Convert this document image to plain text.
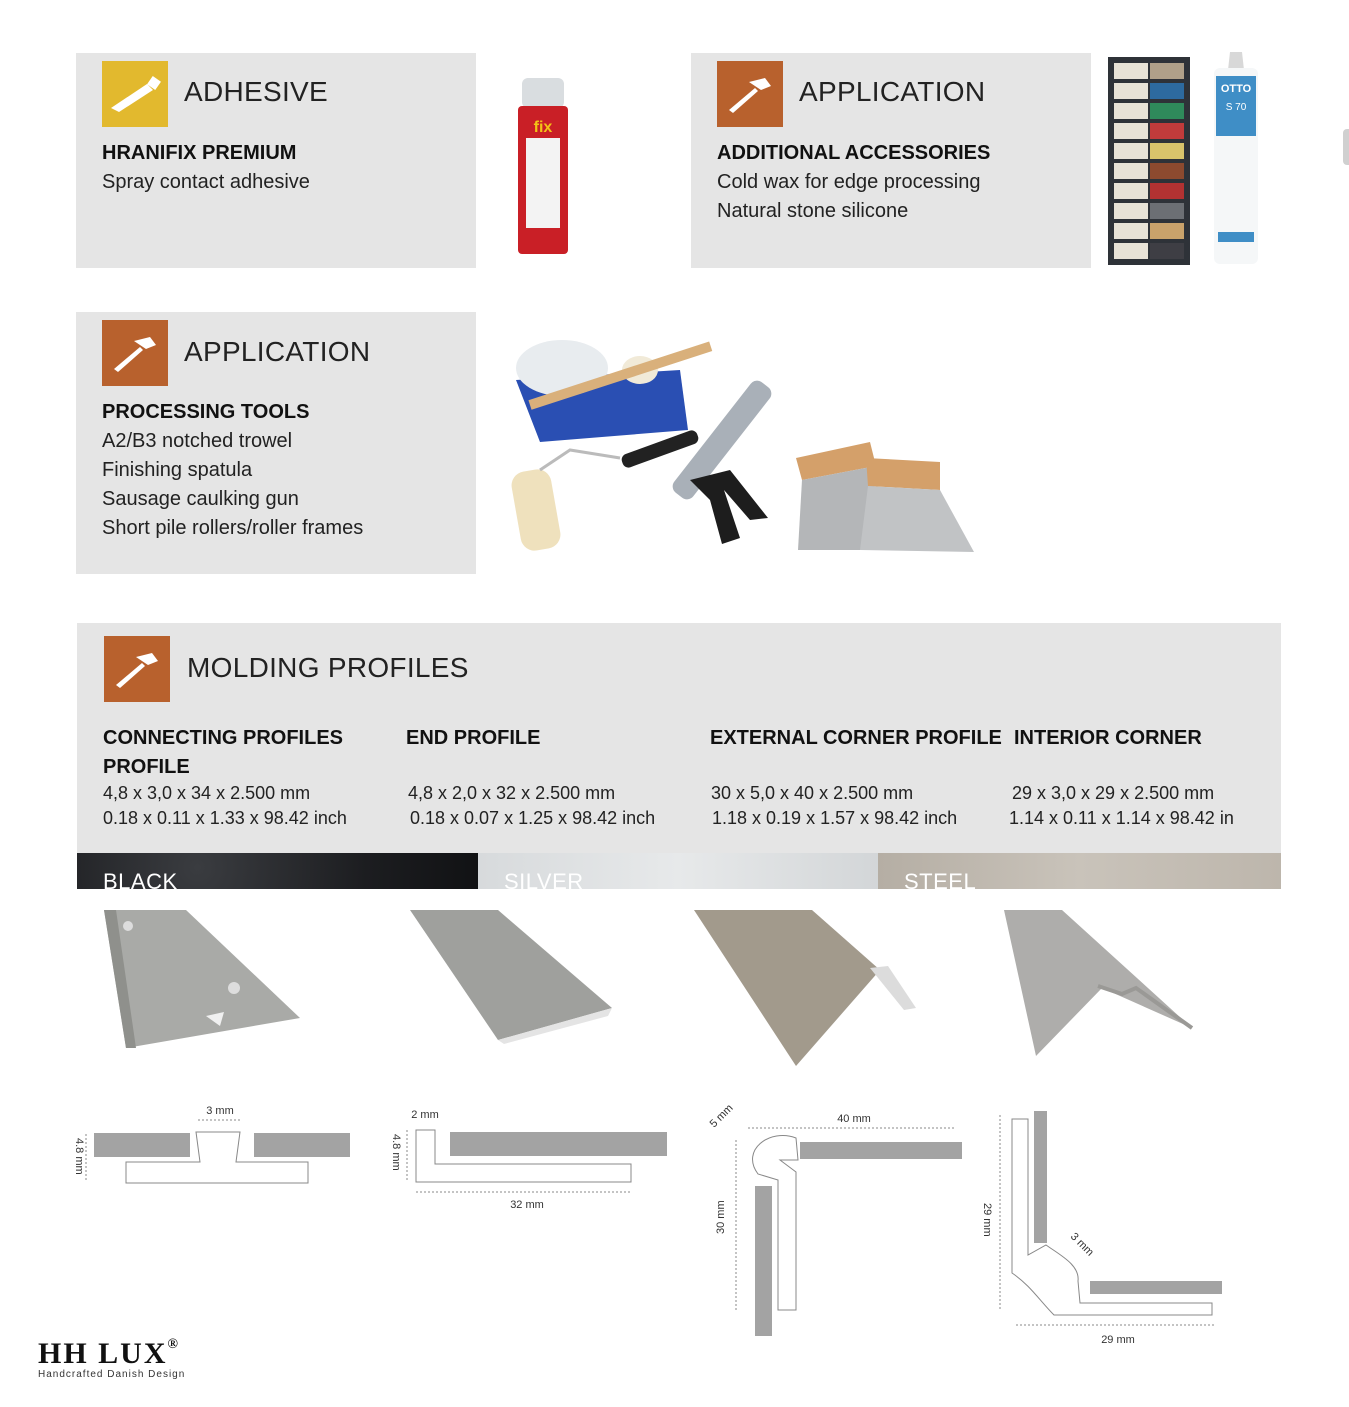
ADHESIVE
HRANIFIX PREMIUM
Spray contact adhesive
fix
APPLICATION
ADDITIONAL ACCESSORIES
Cold wax for edge processing
Natural stone silicone
OTTO
S 70
APPLICATION
PROCESSING TOOLS
A2/B3 notched trowel
Finishing spatula
Sausage caulking gun
Short pile rollers/roller frames
MOLDING PROFILES
CONNECTING PROFILES PROFILE
4,8 x 3,0 x 34 x 2.500 mm
0.18 x 0.11 x 1.33 x 98.42 inch
END PROFILE
4,8 x 2,0 x 32 x 2.500 mm
0.18 x 0.07 x 1.25 x 98.42 inch
EXTERNAL CORNER PROFILE
30 x 5,0 x 40 x 2.500 mm
1.18 x 0.19 x 1.57 x 98.42 inch
INTERIOR CORNER
29 x 3,0 x 29 x 2.500 mm
1.14 x 0.11 x 1.14 x 98.42 in
BLACK	SILVER	STEEL
3 mm
4.8 mm
2 mm
32 mm
4.8 mm
5 mm	40 mm
30 mm	29 mm
3 mm
29 mm
HH LUX®
Handcrafted Danish Design
